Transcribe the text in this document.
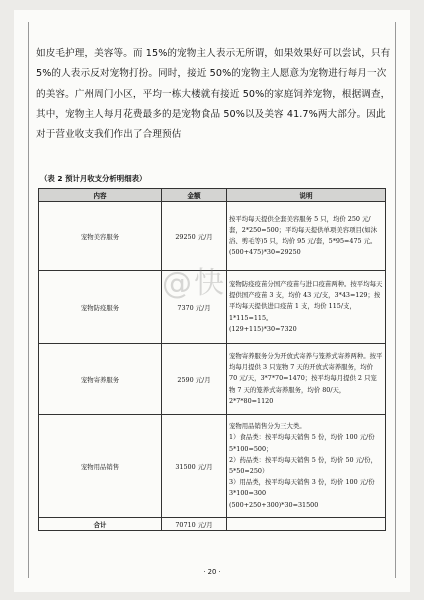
如皮毛护理，美容等。而 15%的宠物主人表示无所谓，如果效果好可以尝试，只有 5%的人表示反对宠物打扮。同时，接近 50%的宠物主人愿意为宠物进行每月一次的美容。广州周门小区，平均一栋大楼就有接近 50%的家庭饲养宠物，根据调查，其中，宠物主人每月花费最多的是宠物食品 50%以及美容 41.7%两大部分。因此对于营业收支我们作出了合理预估

（表 2 预计月收支分析明细表）
内容	金额	说明
宠物美容服务	29250 元/月	按平均每天提供全套美容服务 5 只，均价 250 元/套，2*250=500；平均每天提供单项美容项目(如沐浴、剪毛等)5 只，均价 95 元/套，5*95=475 元。
(500+475)*30=29250

宠物防疫服务	7370 元/月	宠物防疫疫苗分国产疫苗与进口疫苗两种。按平均每天提供国产疫苗 3 支，均价 43 元/支，3*43=129；按平均每天提供进口疫苗 1 支，均价 115/支，1*115=115。
(129+115)*30=7320

宠物寄养服务	2590 元/月	宠物寄养服务分为开放式寄养与笼养式寄养两种。按平均每月提供 3 只宠物 7 天的开放式寄养服务，均价 70 元/天，3*7*70=1470；按平均每月提供 2 只宠物 7 天的笼养式寄养服务，均价 80/天，2*7*80=1120

宠物用品销售	31500 元/月	宠物用品销售分为三大类。
1）食品类：按平均每天销售 5 份，均价 100 元/份 5*100=500；
2）药品类：按平均每天销售 5 份，均价 50 元/份，5*50=250）
3）用品类，按平均每天销售 3 份，均价 100 元/份 3*100=300
(500+250+300)*30=31500

合计	70710 元/月	
@快
· 20 ·
